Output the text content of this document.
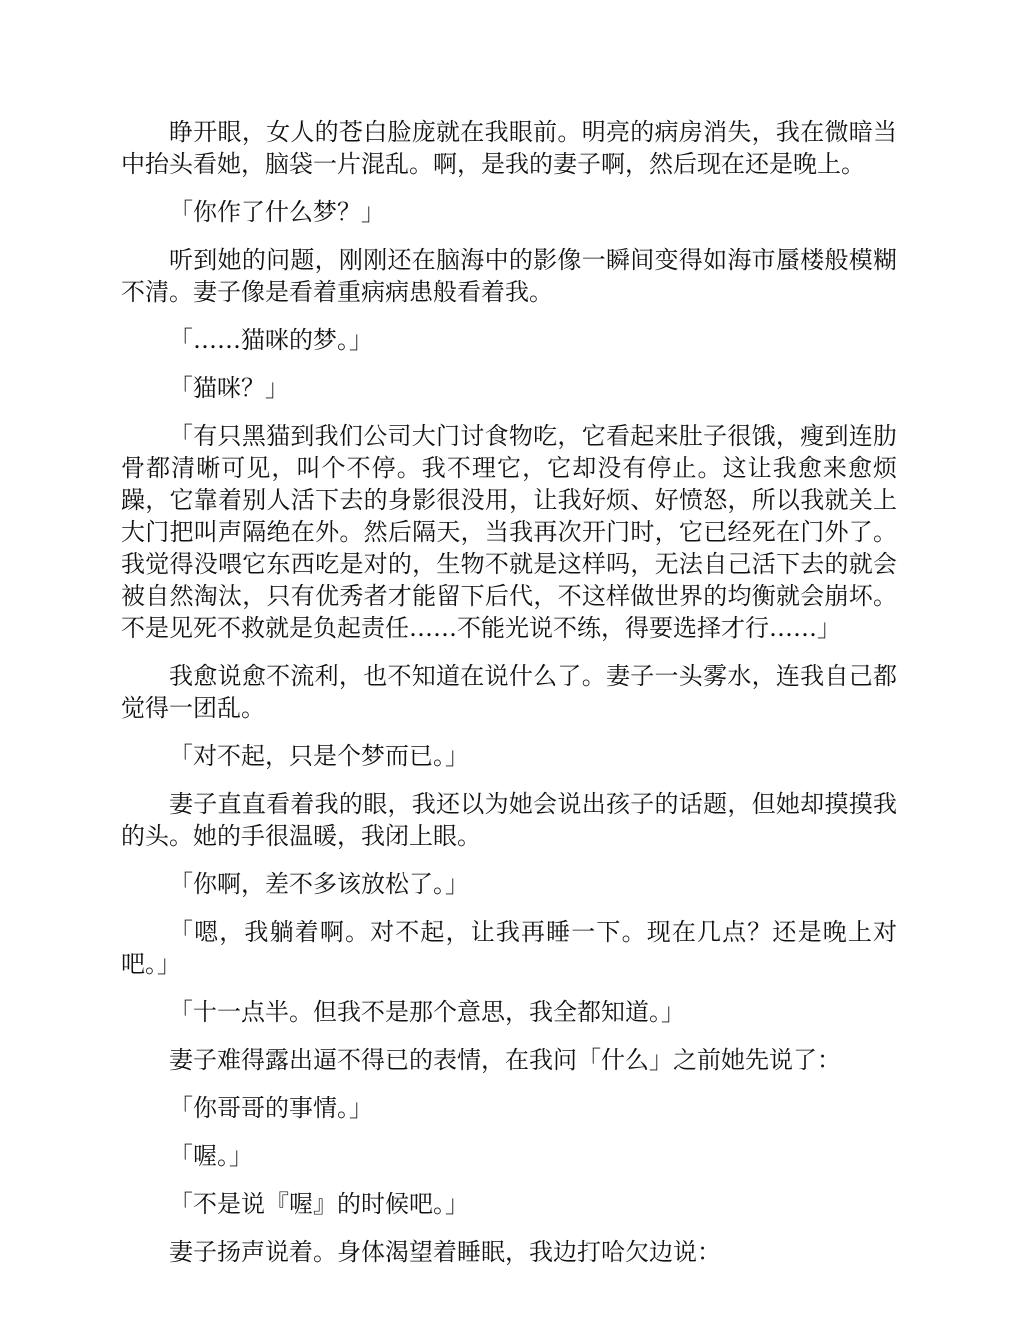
睁开眼，女人的苍白脸庞就在我眼前。明亮的病房消失，我在微暗当中抬头看她，脑袋一片混乱。啊，是我的妻子啊，然后现在还是晚上。

「你作了什么梦？」

听到她的问题，刚刚还在脑海中的影像一瞬间变得如海市蜃楼般模糊不清。妻子像是看着重病病患般看着我。

「……猫咪的梦。」

「猫咪？」

「有只黑猫到我们公司大门讨食物吃，它看起来肚子很饿，瘦到连肋骨都清晰可见，叫个不停。我不理它，它却没有停止。这让我愈来愈烦躁，它靠着别人活下去的身影很没用，让我好烦、好愤怒，所以我就关上大门把叫声隔绝在外。然后隔天，当我再次开门时，它已经死在门外了。我觉得没喂它东西吃是对的，生物不就是这样吗，无法自己活下去的就会被自然淘汰，只有优秀者才能留下后代，不这样做世界的均衡就会崩坏。不是见死不救就是负起责任……不能光说不练，得要选择才行……」

我愈说愈不流利，也不知道在说什么了。妻子一头雾水，连我自己都觉得一团乱。

「对不起，只是个梦而已。」

妻子直直看着我的眼，我还以为她会说出孩子的话题，但她却摸摸我的头。她的手很温暖，我闭上眼。

「你啊，差不多该放松了。」

「嗯，我躺着啊。对不起，让我再睡一下。现在几点？还是晚上对吧。」

「十一点半。但我不是那个意思，我全都知道。」

妻子难得露出逼不得已的表情，在我问「什么」之前她先说了：

「你哥哥的事情。」

「喔。」

「不是说『喔』的时候吧。」

妻子扬声说着。身体渴望着睡眠，我边打哈欠边说：
